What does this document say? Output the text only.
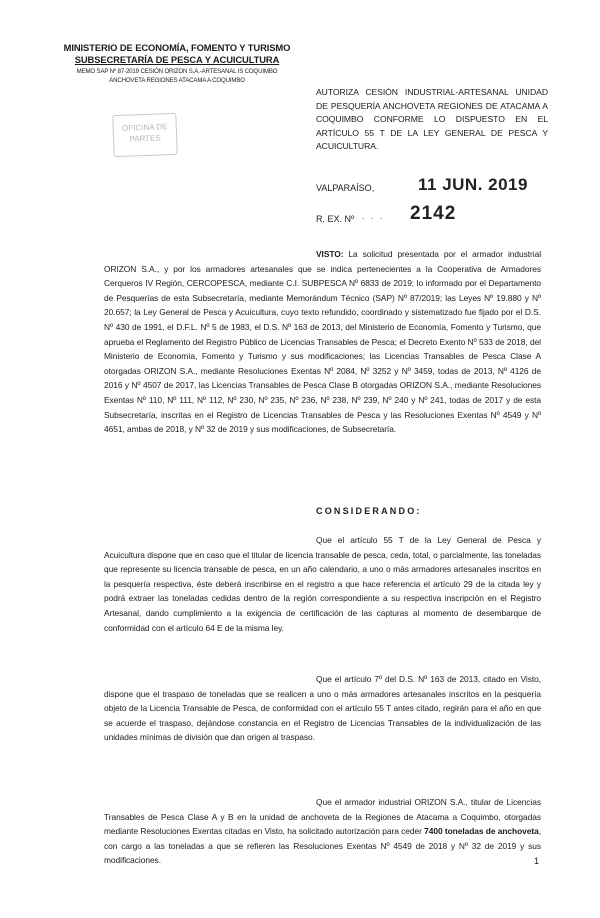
MINISTERIO DE ECONOMÍA, FOMENTO Y TURISMO
SUBSECRETARÍA DE PESCA Y ACUICULTURA
MEMO SAP Nº 87-2019 CESIÓN ORIZON S.A.-ARTESANAL IS COQUIMBO
ANCHOVETA REGIONES ATACAMA A COQUIMBO
OFICINA DE
PARTES
AUTORIZA CESIÓN INDUSTRIAL-ARTESANAL UNIDAD DE PESQUERÍA ANCHOVETA REGIONES DE ATACAMA A COQUIMBO CONFORME LO DISPUESTO EN EL ARTÍCULO 55 T DE LA LEY GENERAL DE PESCA Y ACUICULTURA.
VALPARAÍSO,	11 JUN. 2019
R. EX. Nº . . . 2142
VISTO: La solicitud presentada por el armador industrial ORIZON S.A., y por los armadores artesanales que se indica pertenecientes a la Cooperativa de Armadores Cerqueros IV Región, CERCOPESCA, mediante C.I. SUBPESCA Nº 6833 de 2019; lo informado por el Departamento de Pesquerías de esta Subsecretaría, mediante Memorándum Técnico (SAP) Nº 87/2019; las Leyes Nº 19.880 y Nº 20.657; la Ley General de Pesca y Acuicultura, cuyo texto refundido, coordinado y sistematizado fue fijado por el D.S. Nº 430 de 1991, el D.F.L. Nº 5 de 1983, el D.S. Nº 163 de 2013, del Ministerio de Economía, Fomento y Turismo, que aprueba el Reglamento del Registro Público de Licencias Transables de Pesca; el Decreto Exento Nº 533 de 2018, del Ministerio de Economía, Fomento y Turismo y sus modificaciones; las Licencias Transables de Pesca Clase A otorgadas ORIZON S.A., mediante Resoluciones Exentas Nº 2084, Nº 3252 y Nº 3459, todas de 2013, Nº 4126 de 2016 y Nº 4507 de 2017, las Licencias Transables de Pesca Clase B otorgadas ORIZON S.A., mediante Resoluciones Exentas Nº 110, Nº 111, Nº 112, Nº 230, Nº 235, Nº 236, Nº 238, Nº 239, Nº 240 y Nº 241, todas de 2017 y de esta Subsecretaría, inscritas en el Registro de Licencias Transables de Pesca y las Resoluciones Exentas Nº 4549 y Nº 4651, ambas de 2018, y Nº 32 de 2019 y sus modificaciones, de Subsecretaría.
CONSIDERANDO:
Que el artículo 55 T de la Ley General de Pesca y Acuicultura dispone que en caso que el titular de licencia transable de pesca, ceda, total, o parcialmente, las toneladas que represente su licencia transable de pesca, en un año calendario, a uno o más armadores artesanales inscritos en la pesquería respectiva, éste deberá inscribirse en el registro a que hace referencia el artículo 29 de la citada ley y podrá extraer las toneladas cedidas dentro de la región correspondiente a su respectiva inscripción en el Registro Artesanal, dando cumplimiento a la exigencia de certificación de las capturas al momento de desembarque de conformidad con el artículo 64 E de la misma ley.
Que el artículo 7º del D.S. Nº 163 de 2013, citado en Visto, dispone que el traspaso de toneladas que se realicen a uno o más armadores artesanales inscritos en la pesquería objeto de la Licencia Transable de Pesca, de conformidad con el artículo 55 T antes citado, regirán para el año en que se acuerde el traspaso, dejándose constancia en el Registro de Licencias Transables de la individualización de las unidades mínimas de división que dan origen al traspaso.
Que el armador industrial ORIZON S.A., titular de Licencias Transables de Pesca Clase A y B en la unidad de anchoveta de la Regiones de Atacama a Coquimbo, otorgadas mediante Resoluciones Exentas citadas en Visto, ha solicitado autorización para ceder 7400 toneladas de anchoveta, con cargo a las toneladas a que se refieren las Resoluciones Exentas Nº 4549 de 2018 y Nº 32 de 2019 y sus modificaciones.	1
